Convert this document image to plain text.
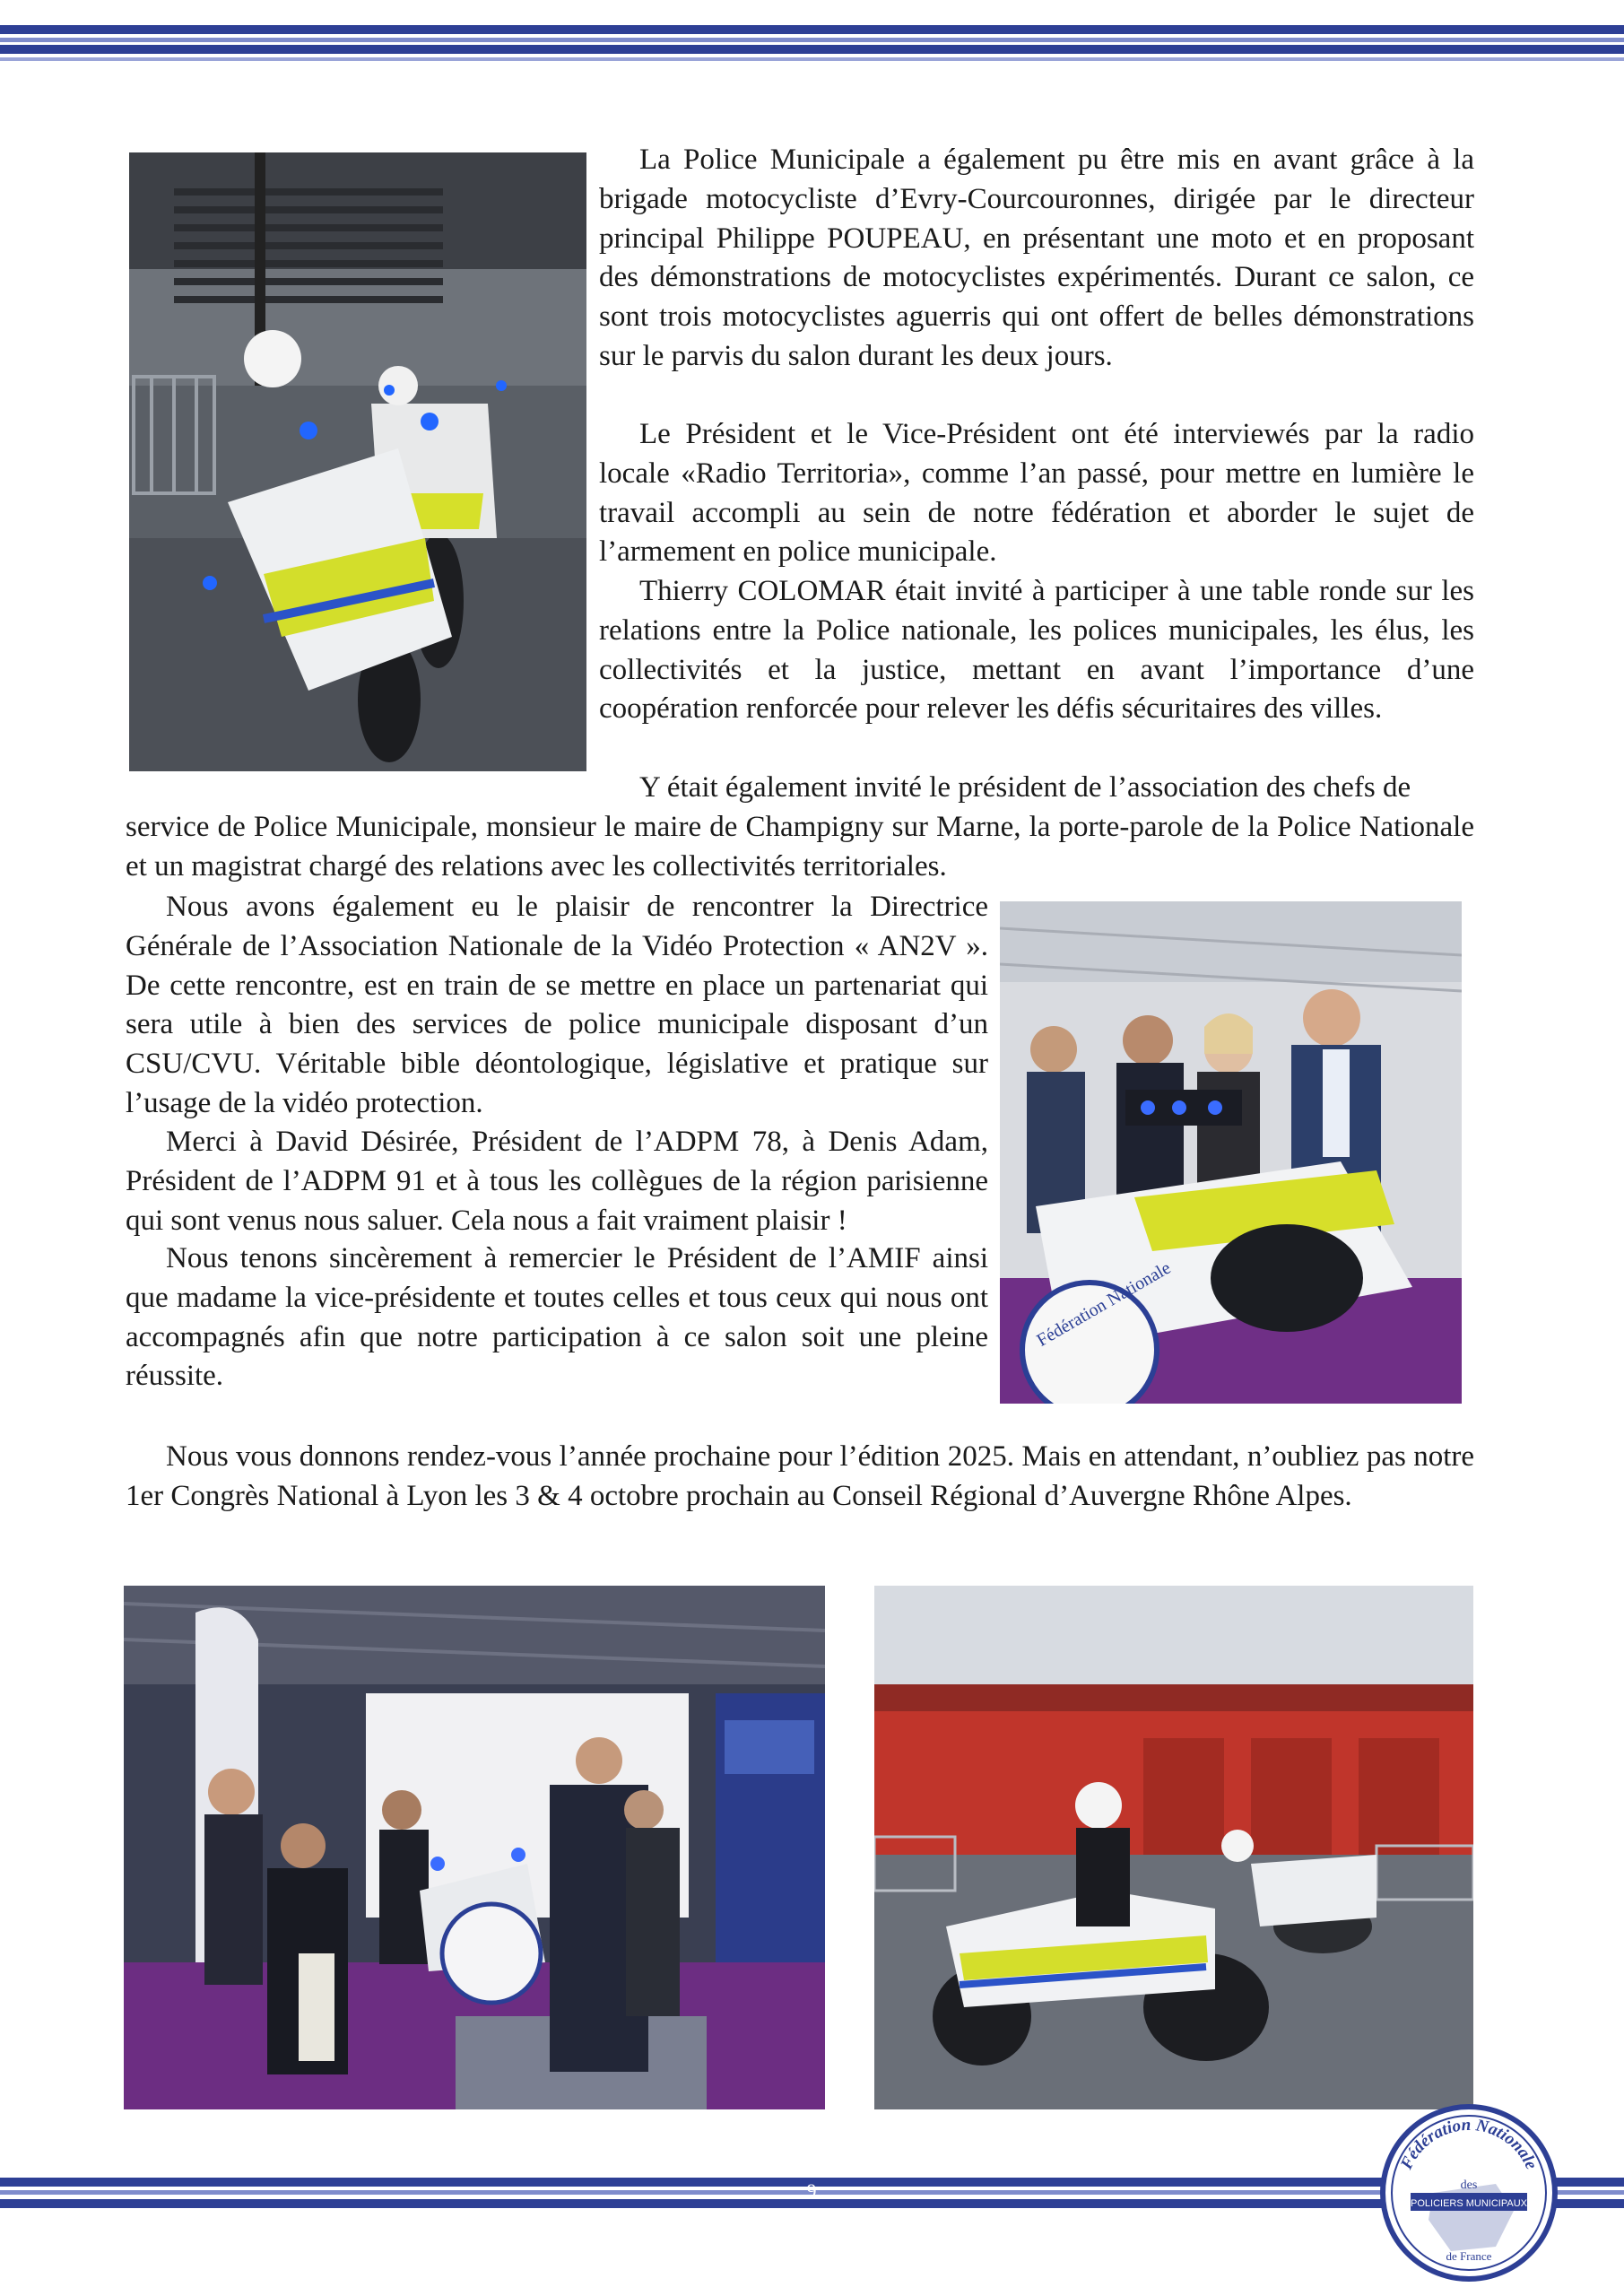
La Police Municipale a également pu être mis en avant grâce à la brigade motocycliste d’Evry-Courcouronnes, dirigée par le directeur principal Philippe POUPEAU, en présentant une moto et en proposant des démonstrations de motocyclistes expérimentés. Durant ce salon, ce sont trois motocyclistes aguerris qui ont offert de belles démonstrations sur le parvis du salon durant les deux jours.

Le Président et le Vice-Président ont été interviewés par la radio locale «Radio Territoria», comme l’an passé, pour mettre en lumière le travail accompli au sein de notre fédération et aborder le sujet de l’armement en police municipale.

Thierry COLOMAR était invité à participer à une table ronde sur les relations entre la Police nationale, les polices municipales, les élus, les collectivités et la justice, mettant en avant l’importance d’une coopération renforcée pour relever les défis sécuritaires des villes.

Y était également invité le président de l’association des chefs de

service de Police Municipale, monsieur le maire de Champigny sur Marne, la porte-parole de la Police Nationale et un magistrat chargé des relations avec les collectivités territoriales.

Fédération Nationale

Nous avons également eu le plaisir de rencontrer la Directrice Générale de l’Association Nationale de la Vidéo Protection « AN2V ». De cette rencontre, est en train de se mettre en place un partenariat qui sera utile à bien des services de police municipale disposant d’un CSU/CVU. Véritable bible déontologique, législative et pratique sur l’usage de la vidéo protection.

Merci à David Désirée, Président de l’ADPM 78, à Denis Adam, Président de l’ADPM 91 et à tous les collègues de la région parisienne qui sont venus nous saluer. Cela nous a fait vraiment plaisir !

Nous tenons sincèrement à remercier le Président de l’AMIF ainsi que madame la vice-présidente et toutes celles et tous ceux qui nous ont accompagnés afin que notre participation à ce salon soit une pleine réussite.

Nous vous donnons rendez-vous l’année prochaine pour l’édition 2025. Mais en attendant, n’oubliez pas notre 1er Congrès National à Lyon les 3 & 4 octobre prochain au Conseil Régional d’Auvergne Rhône Alpes.

9
Fédération Nationale
des
POLICIERS MUNICIPAUX
de France
